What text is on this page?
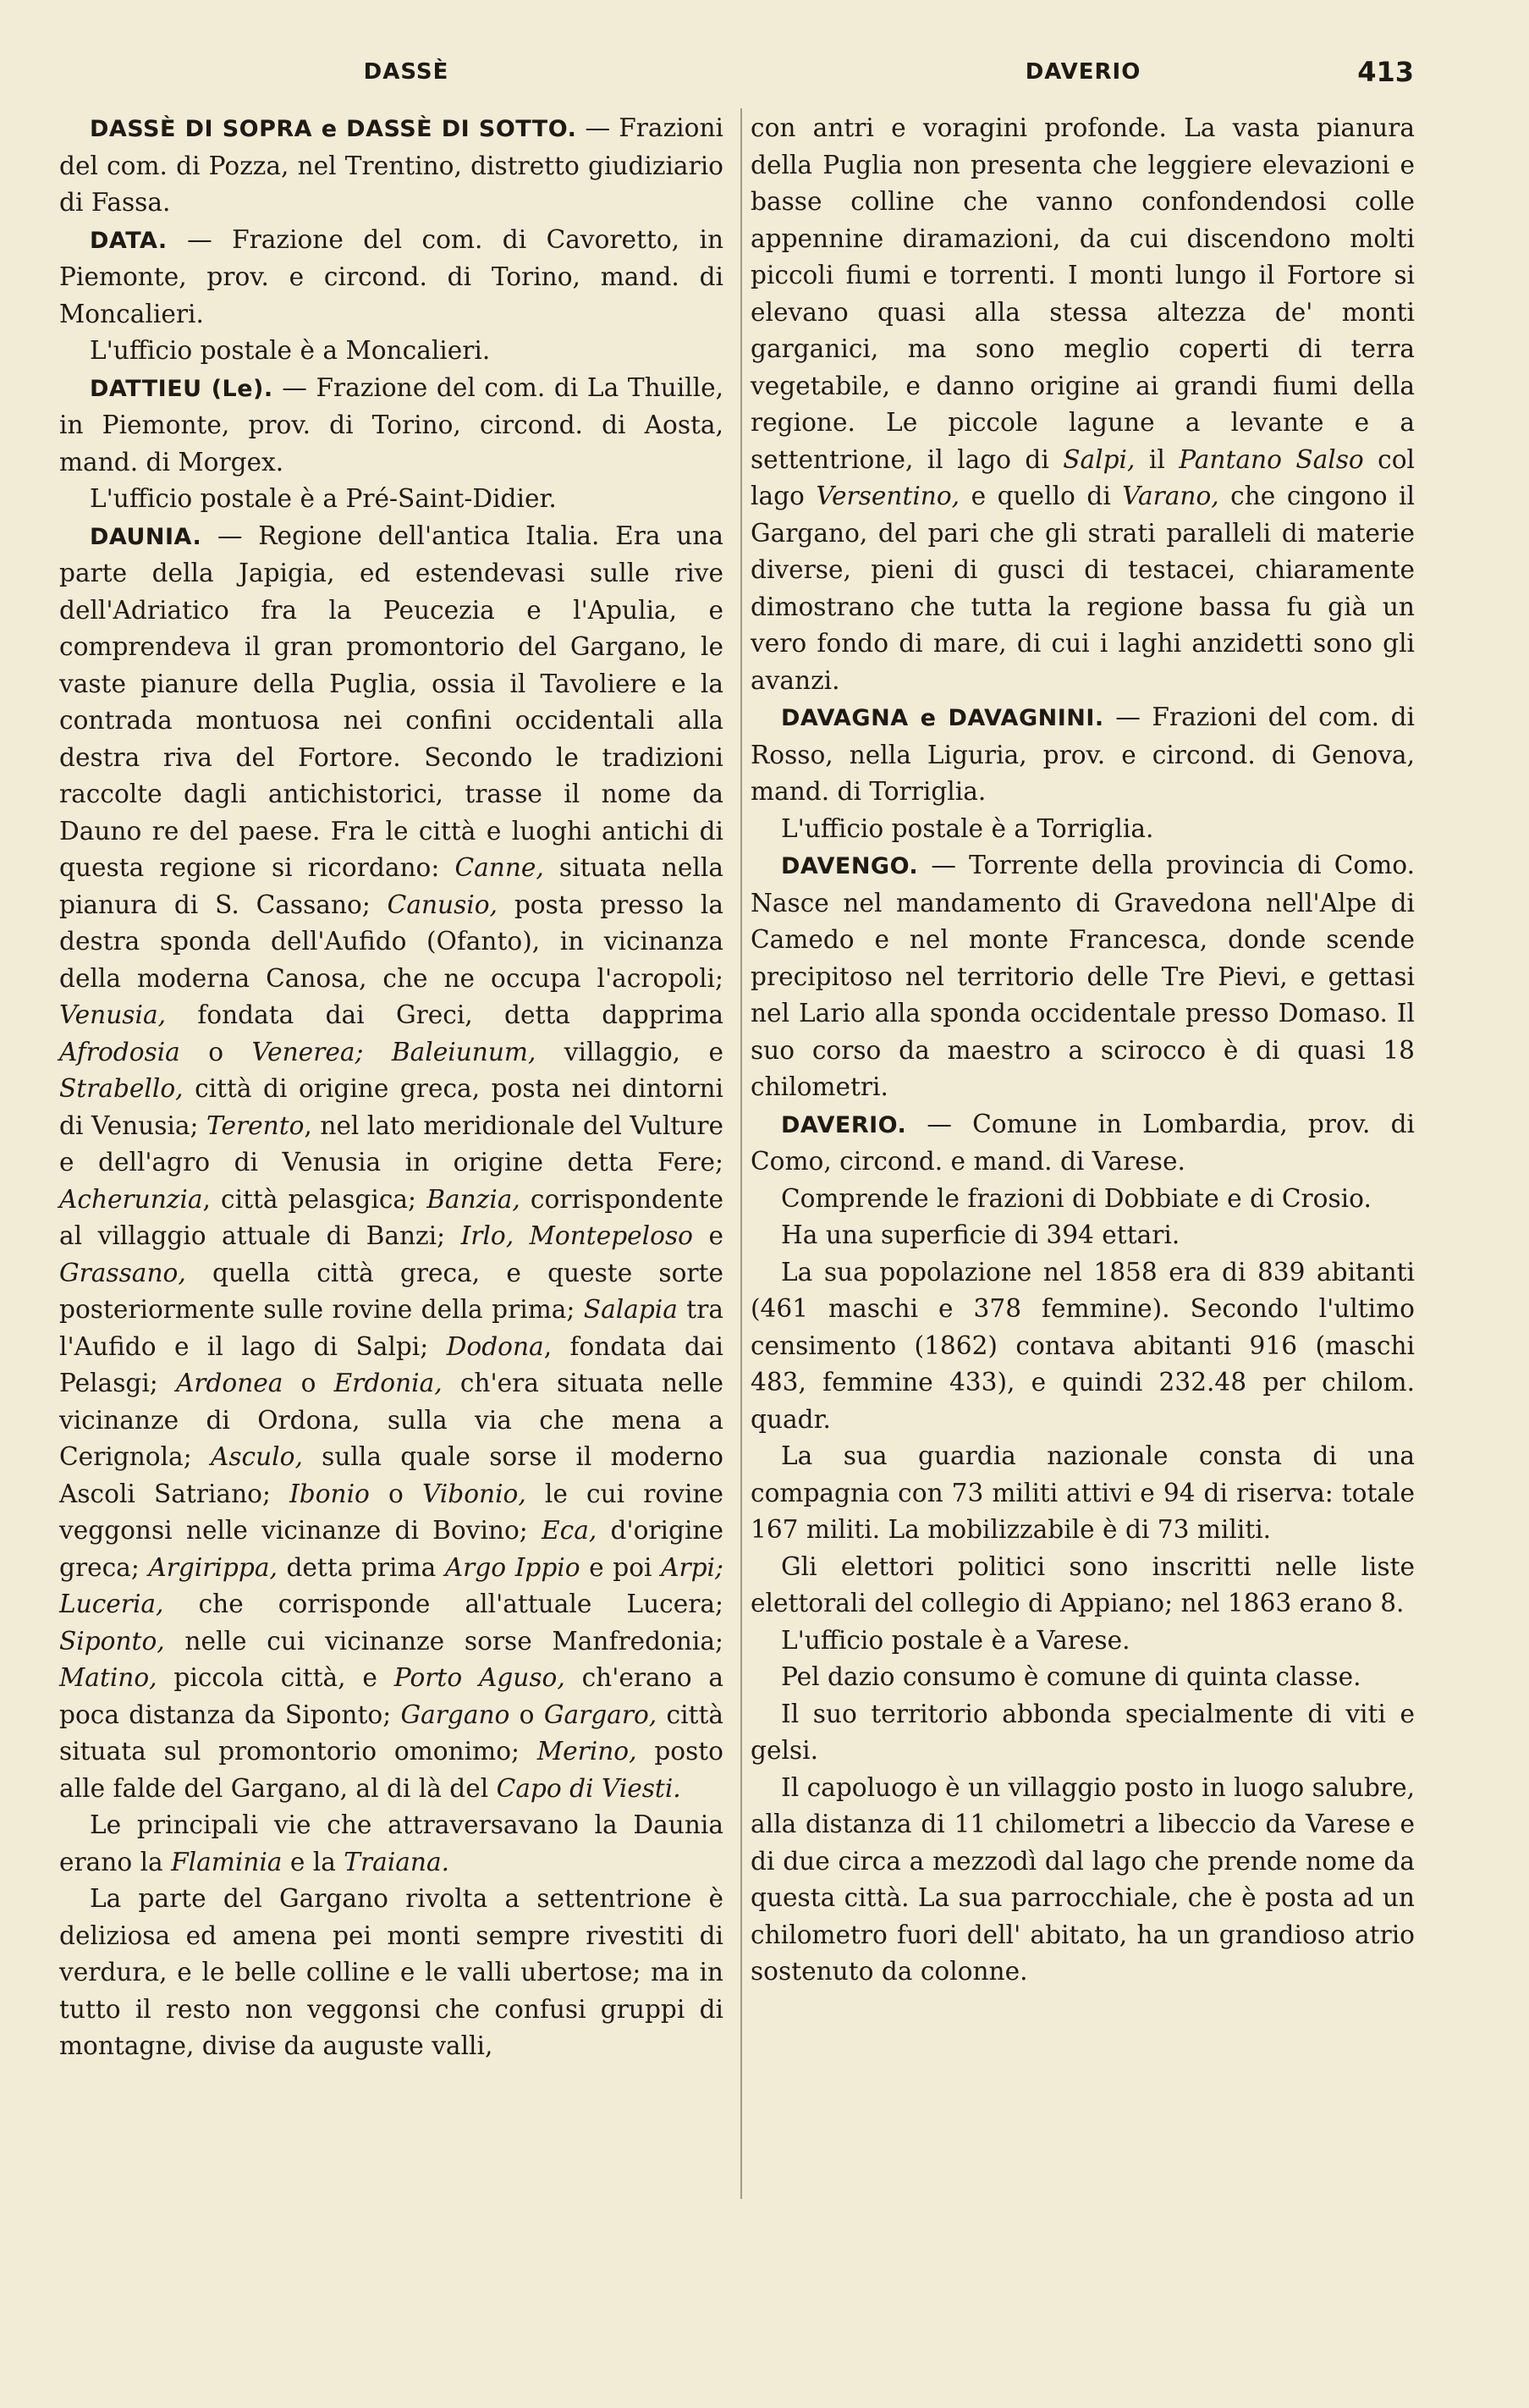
DASSÈ	DAVERIO	413

DASSÈ DI SOPRA e DASSÈ DI SOTTO. — Frazioni del com. di Pozza, nel Trentino, distretto giudiziario di Fassa.

DATA. — Frazione del com. di Cavoretto, in Piemonte, prov. e circond. di Torino, mand. di Moncalieri.

L'ufficio postale è a Moncalieri.

DATTIEU (Le). — Frazione del com. di La Thuille, in Piemonte, prov. di Torino, circond. di Aosta, mand. di Morgex.

L'ufficio postale è a Pré-Saint-Didier.

DAUNIA. — Regione dell'antica Italia. Era una parte della Japigia, ed estendevasi sulle rive dell'Adriatico fra la Peucezia e l'Apulia, e comprendeva il gran promontorio del Gargano, le vaste pianure della Puglia, ossia il Tavoliere e la contrada montuosa nei confini occidentali alla destra riva del Fortore. Secondo le tradizioni raccolte dagli antichistorici, trasse il nome da Dauno re del paese. Fra le città e luoghi antichi di questa regione si ricordano: Canne, situata nella pianura di S. Cassano; Canusio, posta presso la destra sponda dell'Aufido (Ofanto), in vicinanza della moderna Canosa, che ne occupa l'acropoli; Venusia, fondata dai Greci, detta dapprima Afrodosia o Venerea; Baleiunum, villaggio, e Strabello, città di origine greca, posta nei dintorni di Venusia; Terento, nel lato meridionale del Vulture e dell'agro di Venusia in origine detta Fere; Acherunzia, città pelasgica; Banzia, corrispondente al villaggio attuale di Banzi; Irlo, Montepeloso e Grassano, quella città greca, e queste sorte posteriormente sulle rovine della prima; Salapia tra l'Aufido e il lago di Salpi; Dodona, fondata dai Pelasgi; Ardonea o Erdonia, ch'era situata nelle vicinanze di Ordona, sulla via che mena a Cerignola; Asculo, sulla quale sorse il moderno Ascoli Satriano; Ibonio o Vibonio, le cui rovine veggonsi nelle vicinanze di Bovino; Eca, d'origine greca; Argirippa, detta prima Argo Ippio e poi Arpi; Luceria, che corrisponde all'attuale Lucera; Siponto, nelle cui vicinanze sorse Manfredonia; Matino, piccola città, e Porto Aguso, ch'erano a poca distanza da Siponto; Gargano o Gargaro, città situata sul promontorio omonimo; Merino, posto alle falde del Gargano, al di là del Capo di Viesti.

Le principali vie che attraversavano la Daunia erano la Flaminia e la Traiana.

La parte del Gargano rivolta a settentrione è deliziosa ed amena pei monti sempre rivestiti di verdura, e le belle colline e le valli ubertose; ma in tutto il resto non veggonsi che confusi gruppi di montagne, divise da auguste valli,

con antri e voragini profonde. La vasta pianura della Puglia non presenta che leggiere elevazioni e basse colline che vanno confondendosi colle appennine diramazioni, da cui discendono molti piccoli fiumi e torrenti. I monti lungo il Fortore si elevano quasi alla stessa altezza de' monti garganici, ma sono meglio coperti di terra vegetabile, e danno origine ai grandi fiumi della regione. Le piccole lagune a levante e a settentrione, il lago di Salpi, il Pantano Salso col lago Versentino, e quello di Varano, che cingono il Gargano, del pari che gli strati paralleli di materie diverse, pieni di gusci di testacei, chiaramente dimostrano che tutta la regione bassa fu già un vero fondo di mare, di cui i laghi anzidetti sono gli avanzi.

DAVAGNA e DAVAGNINI. — Frazioni del com. di Rosso, nella Liguria, prov. e circond. di Genova, mand. di Torriglia.

L'ufficio postale è a Torriglia.

DAVENGO. — Torrente della provincia di Como. Nasce nel mandamento di Gravedona nell'Alpe di Camedo e nel monte Francesca, donde scende precipitoso nel territorio delle Tre Pievi, e gettasi nel Lario alla sponda occidentale presso Domaso. Il suo corso da maestro a scirocco è di quasi 18 chilometri.

DAVERIO. — Comune in Lombardia, prov. di Como, circond. e mand. di Varese.

Comprende le frazioni di Dobbiate e di Crosio.

Ha una superficie di 394 ettari.

La sua popolazione nel 1858 era di 839 abitanti (461 maschi e 378 femmine). Secondo l'ultimo censimento (1862) contava abitanti 916 (maschi 483, femmine 433), e quindi 232.48 per chilom. quadr.

La sua guardia nazionale consta di una compagnia con 73 militi attivi e 94 di riserva: totale 167 militi. La mobilizzabile è di 73 militi.

Gli elettori politici sono inscritti nelle liste elettorali del collegio di Appiano; nel 1863 erano 8.

L'ufficio postale è a Varese.

Pel dazio consumo è comune di quinta classe.

Il suo territorio abbonda specialmente di viti e gelsi.

Il capoluogo è un villaggio posto in luogo salubre, alla distanza di 11 chilometri a libeccio da Varese e di due circa a mezzodì dal lago che prende nome da questa città. La sua parrocchiale, che è posta ad un chilometro fuori dell' abitato, ha un grandioso atrio sostenuto da colonne.
